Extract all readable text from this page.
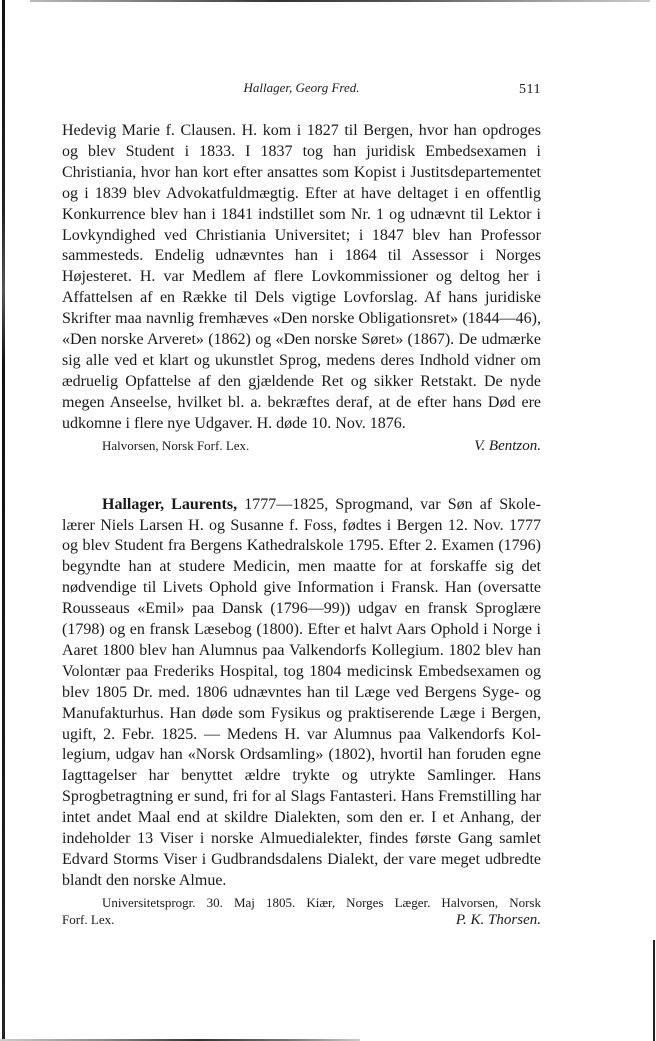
Hallager, Georg Fred.	511

Hedevig Marie f. Clausen. H. kom i 1827 til Bergen, hvor han opdroges og blev Student i 1833. I 1837 tog han juridisk Embedsexamen i Christiania, hvor han kort efter ansattes som Kopist i Justitsdepartementet og i 1839 blev Advokatfuldmægtig. Efter at have deltaget i en offentlig Konkurrence blev han i 1841 indstillet som Nr. 1 og udnævnt til Lektor i Lovkyndighed ved Christiania Universitet; i 1847 blev han Professor sammesteds. Endelig udnævntes han i 1864 til Assessor i Norges Højesteret. H. var Medlem af flere Lovkommissioner og deltog her i Affattelsen af en Række til Dels vigtige Lovforslag. Af hans juridiske Skrifter maa navnlig fremhæves «Den norske Obligationsret» (1844—46), «Den norske Arveret» (1862) og «Den norske Søret» (1867). De udmærke sig alle ved et klart og ukunstlet Sprog, medens deres Indhold vidner om ædruelig Opfattelse af den gjældende Ret og sikker Retstakt. De nyde megen Anseelse, hvilket bl. a. bekræftes deraf, at de efter hans Død ere udkomne i flere nye Udgaver. H. døde 10. Nov. 1876.

Halvorsen, Norsk Forf. Lex.	V. Bentzon.

Hallager, Laurents, 1777—1825, Sprogmand, var Søn af Skolelærer Niels Larsen H. og Susanne f. Foss, fødtes i Bergen 12. Nov. 1777 og blev Student fra Bergens Kathedralskole 1795. Efter 2. Examen (1796) begyndte han at studere Medicin, men maatte for at forskaffe sig det nødvendige til Livets Ophold give Information i Fransk. Han (oversatte Rousseaus «Emil» paa Dansk (1796—99)) udgav en fransk Sproglære (1798) og en fransk Læsebog (1800). Efter et halvt Aars Ophold i Norge i Aaret 1800 blev han Alumnus paa Valkendorfs Kollegium. 1802 blev han Volontær paa Frederiks Hospital, tog 1804 medicinsk Embedsexamen og blev 1805 Dr. med. 1806 udnævntes han til Læge ved Bergens Syge- og Manufakturhus. Han døde som Fysikus og praktiserende Læge i Bergen, ugift, 2. Febr. 1825. — Medens H. var Alumnus paa Valkendorfs Kollegium, udgav han «Norsk Ordsamling» (1802), hvortil han foruden egne Iagttagelser har benyttet ældre trykte og utrykte Samlinger. Hans Sprogbetragtning er sund, fri for al Slags Fantasteri. Hans Fremstilling har intet andet Maal end at skildre Dialekten, som den er. I et Anhang, der indeholder 13 Viser i norske Almuedialekter, findes første Gang samlet Edvard Storms Viser i Gudbrandsdalens Dialekt, der vare meget udbredte blandt den norske Almue.

Universitetsprogr. 30. Maj 1805. Kiær, Norges Læger. Halvorsen, Norsk
Forf. Lex.	P. K. Thorsen.
